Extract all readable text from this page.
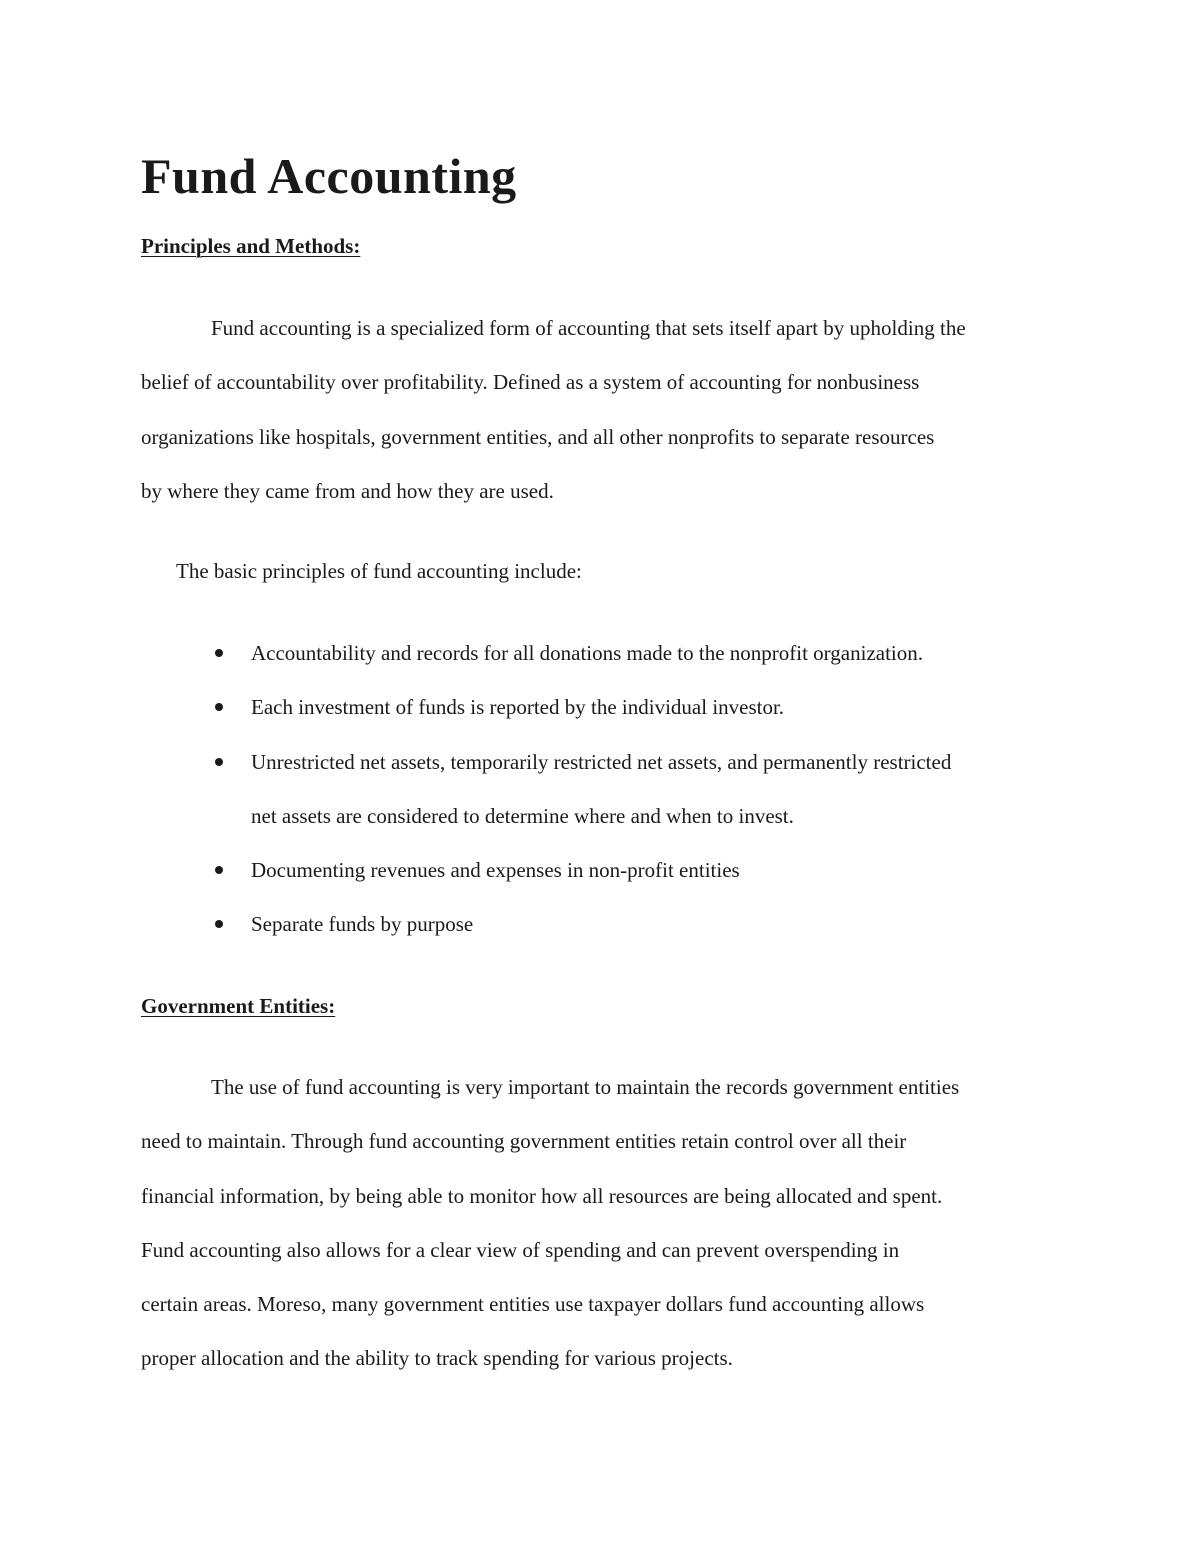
Fund Accounting
Principles and Methods:
Fund accounting is a specialized form of accounting that sets itself apart by upholding the
belief of accountability over profitability. Defined as a system of accounting for nonbusiness
organizations like hospitals, government entities, and all other nonprofits to separate resources
by where they came from and how they are used.

The basic principles of fund accounting include:

Accountability and records for all donations made to the nonprofit organization.
Each investment of funds is reported by the individual investor.
Unrestricted net assets, temporarily restricted net assets, and permanently restricted
net assets are considered to determine where and when to invest.
Documenting revenues and expenses in non-profit entities
Separate funds by purpose
Government Entities:
The use of fund accounting is very important to maintain the records government entities
need to maintain. Through fund accounting government entities retain control over all their
financial information, by being able to monitor how all resources are being allocated and spent.
Fund accounting also allows for a clear view of spending and can prevent overspending in
certain areas. Moreso, many government entities use taxpayer dollars fund accounting allows
proper allocation and the ability to track spending for various projects.
